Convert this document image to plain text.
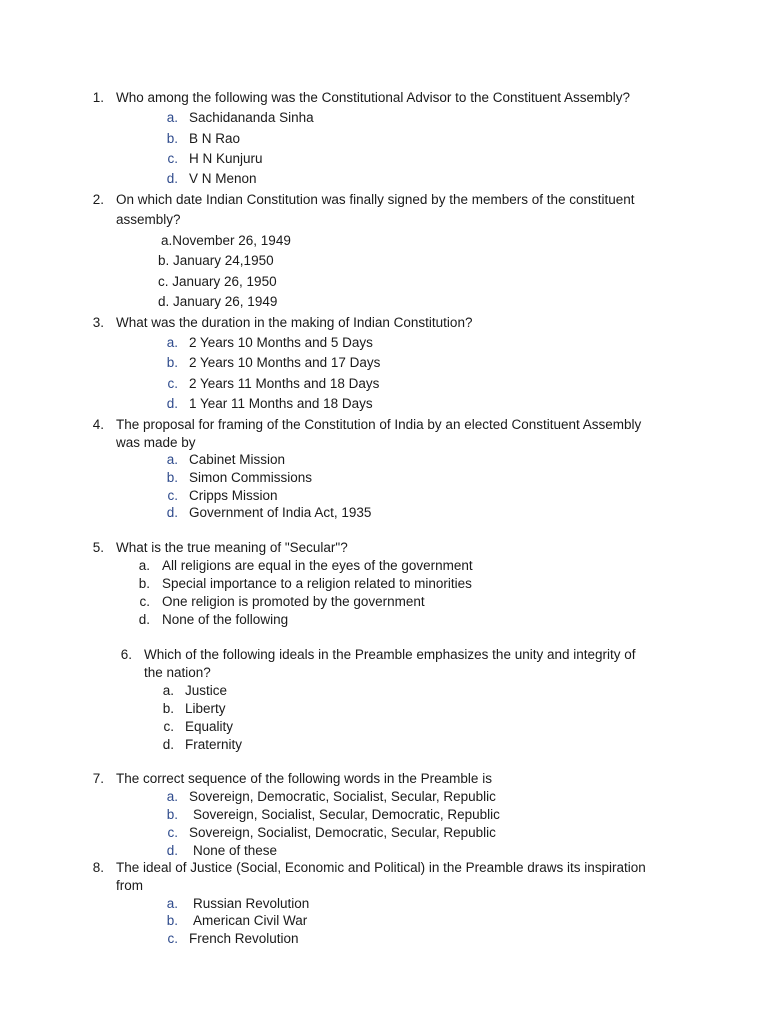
1. Who among the following was the Constitutional Advisor to the Constituent Assembly?
a. Sachidananda Sinha
b. B N Rao
c. H N Kunjuru
d. V N Menon
2. On which date Indian Constitution was finally signed by the members of the constituent
assembly?
a.November 26, 1949
b. January 24,1950
c. January 26, 1950
d. January 26, 1949
3. What was the duration in the making of Indian Constitution?
a. 2 Years 10 Months and 5 Days
b. 2 Years 10 Months and 17 Days
c. 2 Years 11 Months and 18 Days
d. 1 Year 11 Months and 18 Days
4. The proposal for framing of the Constitution of India by an elected Constituent Assembly
was made by
a. Cabinet Mission
b. Simon Commissions
c. Cripps Mission
d. Government of India Act, 1935
5. What is the true meaning of "Secular"?
a. All religions are equal in the eyes of the government
b. Special importance to a religion related to minorities
c. One religion is promoted by the government
d. None of the following
6. Which of the following ideals in the Preamble emphasizes the unity and integrity of
the nation?
a. Justice
b. Liberty
c. Equality
d. Fraternity
7. The correct sequence of the following words in the Preamble is
a. Sovereign, Democratic, Socialist, Secular, Republic
b. Sovereign, Socialist, Secular, Democratic, Republic
c. Sovereign, Socialist, Democratic, Secular, Republic
d. None of these
8. The ideal of Justice (Social, Economic and Political) in the Preamble draws its inspiration
from
a. Russian Revolution
b. American Civil War
c. French Revolution
